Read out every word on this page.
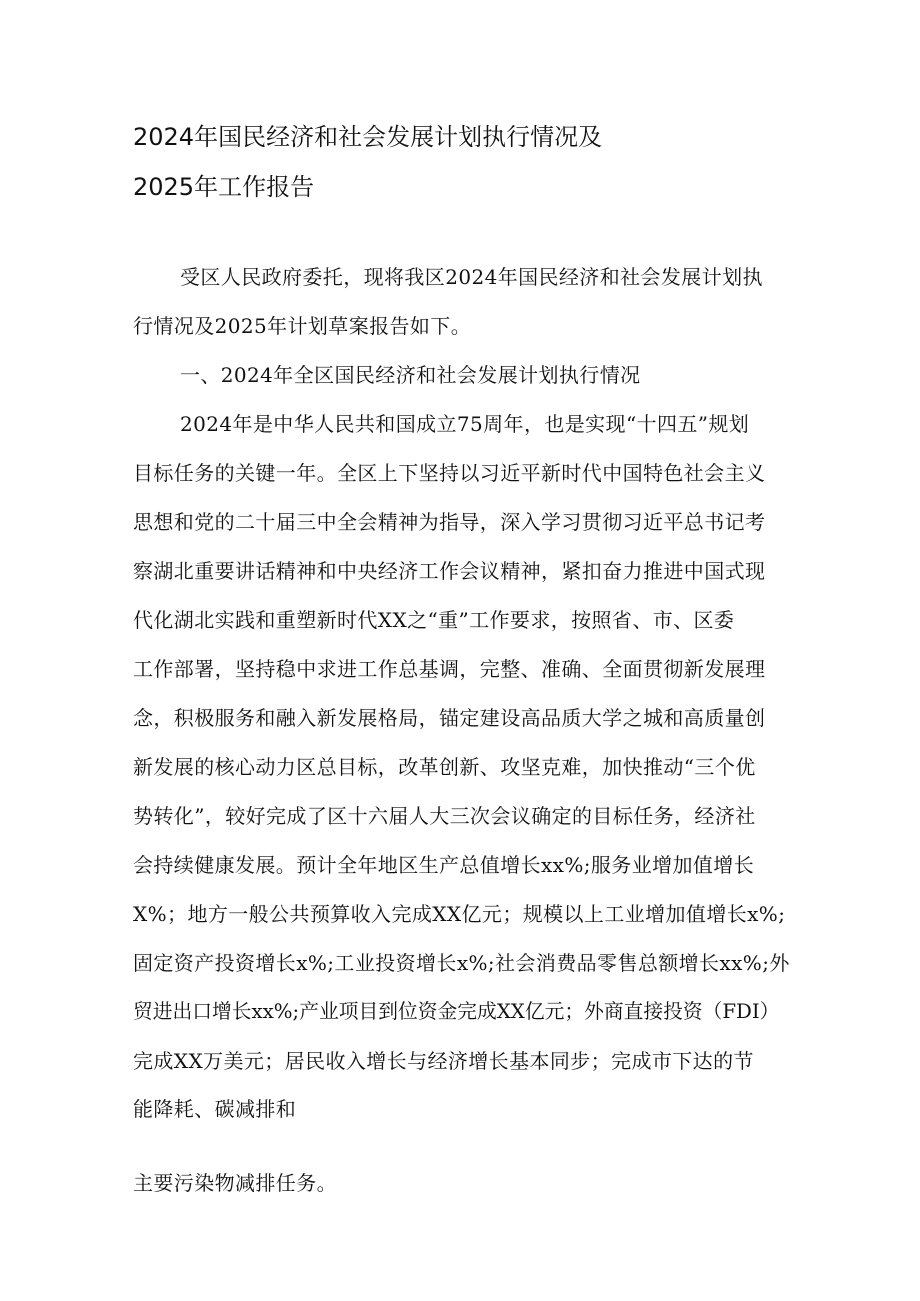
2024年国民经济和社会发展计划执行情况及
2025年工作报告
受区人民政府委托，现将我区2024年国民经济和社会发展计划执
行情况及2025年计划草案报告如下。
一、2024年全区国民经济和社会发展计划执行情况
2024年是中华人民共和国成立75周年，也是实现“十四五”规划
目标任务的关键一年。全区上下坚持以习近平新时代中国特色社会主义
思想和党的二十届三中全会精神为指导，深入学习贯彻习近平总书记考
察湖北重要讲话精神和中央经济工作会议精神，紧扣奋力推进中国式现
代化湖北实践和重塑新时代XX之“重”工作要求，按照省、市、区委
工作部署，坚持稳中求进工作总基调，完整、准确、全面贯彻新发展理
念，积极服务和融入新发展格局，锚定建设高品质大学之城和高质量创
新发展的核心动力区总目标，改革创新、攻坚克难，加快推动“三个优
势转化”，较好完成了区十六届人大三次会议确定的目标任务，经济社
会持续健康发展。预计全年地区生产总值增长xx%;服务业增加值增长
X%；地方一般公共预算收入完成XX亿元；规模以上工业增加值增长x%;
固定资产投资增长x%;工业投资增长x%;社会消费品零售总额增长xx%;外
贸进出口增长xx%;产业项目到位资金完成XX亿元；外商直接投资（FDI）
完成XX万美元；居民收入增长与经济增长基本同步；完成市下达的节
能降耗、碳减排和
主要污染物减排任务。
